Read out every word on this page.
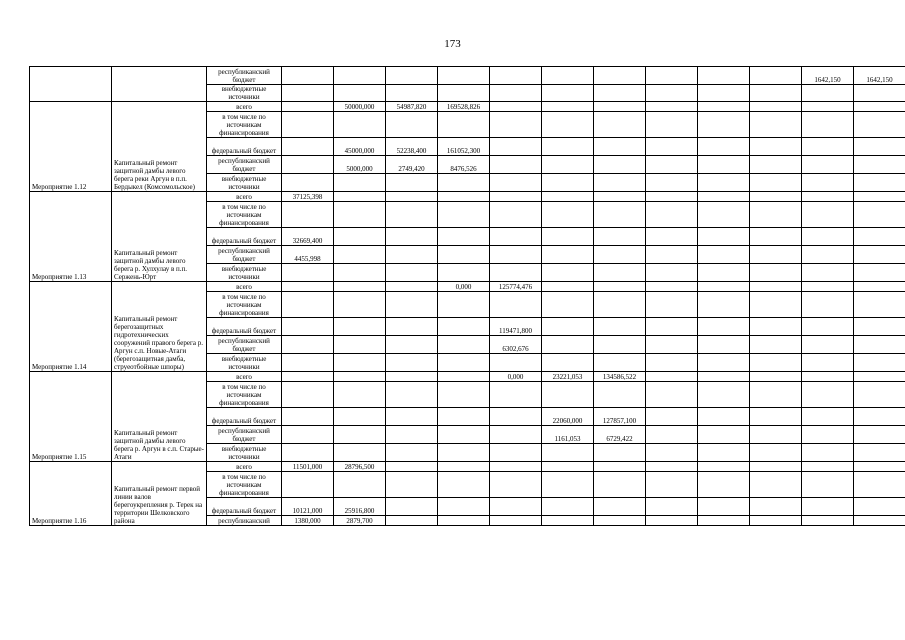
173
		республиканский бюджет											1642,150	1642,150	
		внебюджетные источники													
Мероприятие 1.12	Капитальный ремонт защитной дамбы левого берега реки Аргун в п.п. Бердыкел (Комсомольское)	всего		50000,000	54987,820	169528,826									
		в том числе по источникам финансирования													
		федеральный бюджет		45000,000	52238,400	161052,300									
		республиканский бюджет		5000,000	2749,420	8476,526									
		внебюджетные источники													
Мероприятие 1.13	Капитальный ремонт защитной дамбы левого берега р. Хулхулау в п.п. Сержень-Юрт	всего	37125,398												
		в том числе по источникам финансирования													
		федеральный бюджет	32669,400												
		республиканский бюджет	4455,998												
		внебюджетные источники													
Мероприятие 1.14	Капитальный ремонт берегозащитных гидротехнических сооружений правого берега р. Аргун с.п. Новые-Атаги (берегозащитная дамба, струеотбойные шпоры)	всего				0,000	125774,476								
		в том числе по источникам финансирования													
		федеральный бюджет					119471,800								
		республиканский бюджет					6302,676								
		внебюджетные источники													
Мероприятие 1.15	Капитальный ремонт защитной дамбы левого берега р. Аргун в с.п. Старые-Атаги	всего					0,000	23221,053	134586,522						
		в том числе по источникам финансирования													
		федеральный бюджет						22060,000	127857,100						
		республиканский бюджет						1161,053	6729,422						
		внебюджетные источники													
Мероприятие 1.16	Капитальный ремонт первой линии валов берегоукрепления р. Терек на территории Шелковского района	всего	11501,000	28796,500											
		в том числе по источникам финансирования													
		федеральный бюджет	10121,000	25916,800											
		республиканский	1380,000	2879,700											
